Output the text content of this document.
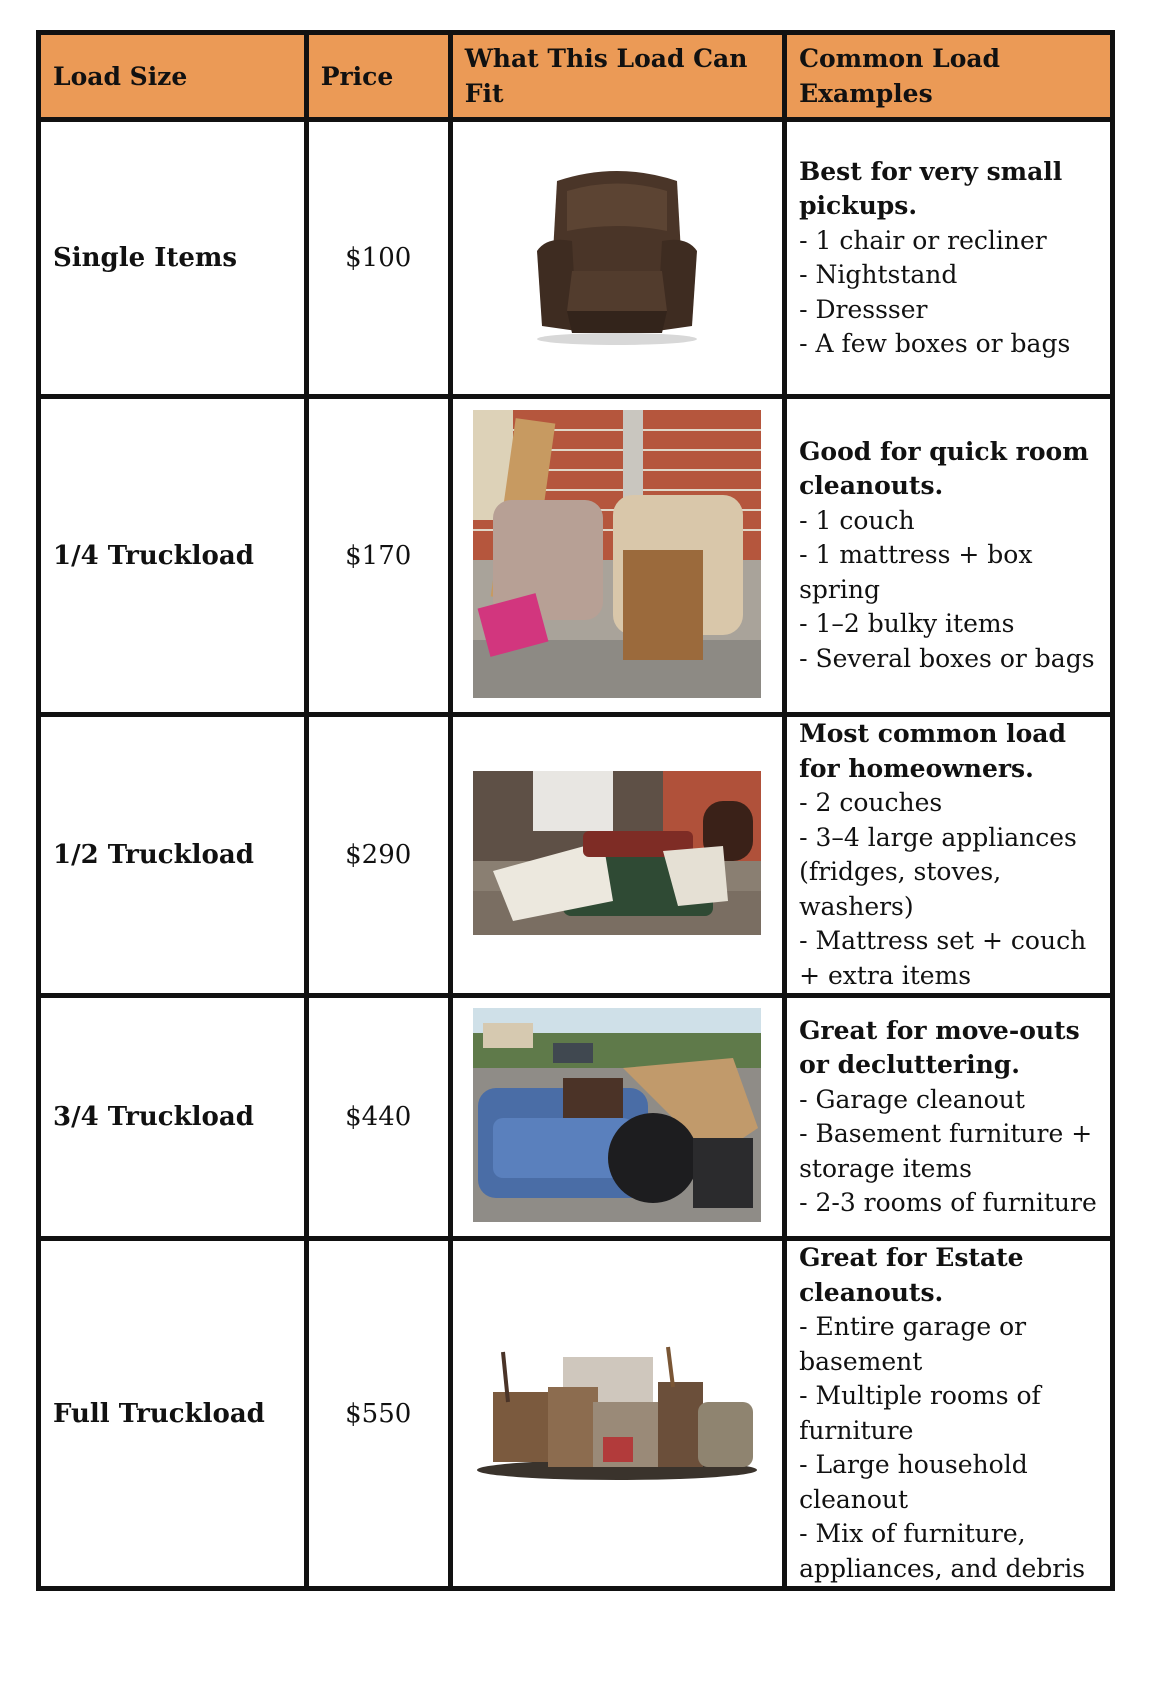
Load Size	Price	What This Load Can Fit	Common Load Examples
Single Items	$100		Best for very small pickups.
- 1 chair or recliner
- Nightstand
- Dressser
- A few boxes or bags

1/4 Truckload	$170		Good for quick room cleanouts.
- 1 couch
- 1 mattress + box spring
- 1–2 bulky items
- Several boxes or bags

1/2 Truckload	$290		Most common load for homeowners.
- 2 couches
- 3–4 large appliances (fridges, stoves, washers)
- Mattress set + couch + extra items

3/4 Truckload	$440		Great for move-outs or decluttering.
- Garage cleanout
- Basement furniture + storage items
- 2-3 rooms of furniture

Full Truckload	$550		Great for Estate cleanouts.
- Entire garage or basement
- Multiple rooms of furniture
- Large household cleanout
- Mix of furniture, appliances, and debris
